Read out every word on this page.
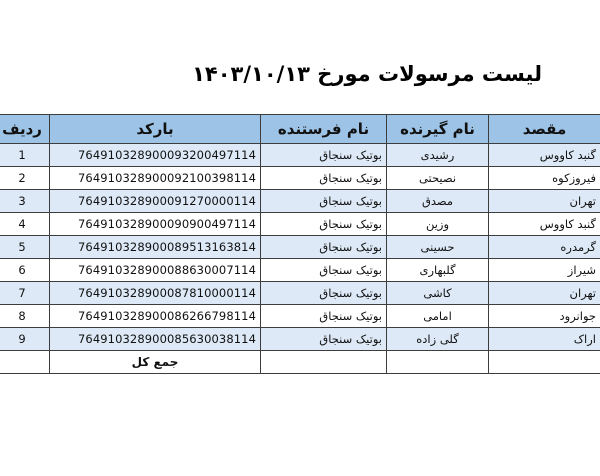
لیست مرسولات مورخ ۱۴۰۳/۱۰/۱۳
ردیف	بارکد	نام فرستنده	نام گیرنده	مقصد
1	764910328900093200497114	بوتیک سنجاق	رشیدی	گنبد کاووس
2	764910328900092100398114	بوتیک سنجاق	نصیحتی	فیروزکوه
3	764910328900091270000114	بوتیک سنجاق	مصدق	تهران
4	764910328900090900497114	بوتیک سنجاق	وزین	گنبد کاووس
5	764910328900089513163814	بوتیک سنجاق	حسینی	گرمدره
6	764910328900088630007114	بوتیک سنجاق	گلبهاری	شیراز
7	764910328900087810000114	بوتیک سنجاق	کاشی	تهران
8	764910328900086266798114	بوتیک سنجاق	امامی	جوانرود
9	764910328900085630038114	بوتیک سنجاق	گلی زاده	اراک
	جمع کل			
